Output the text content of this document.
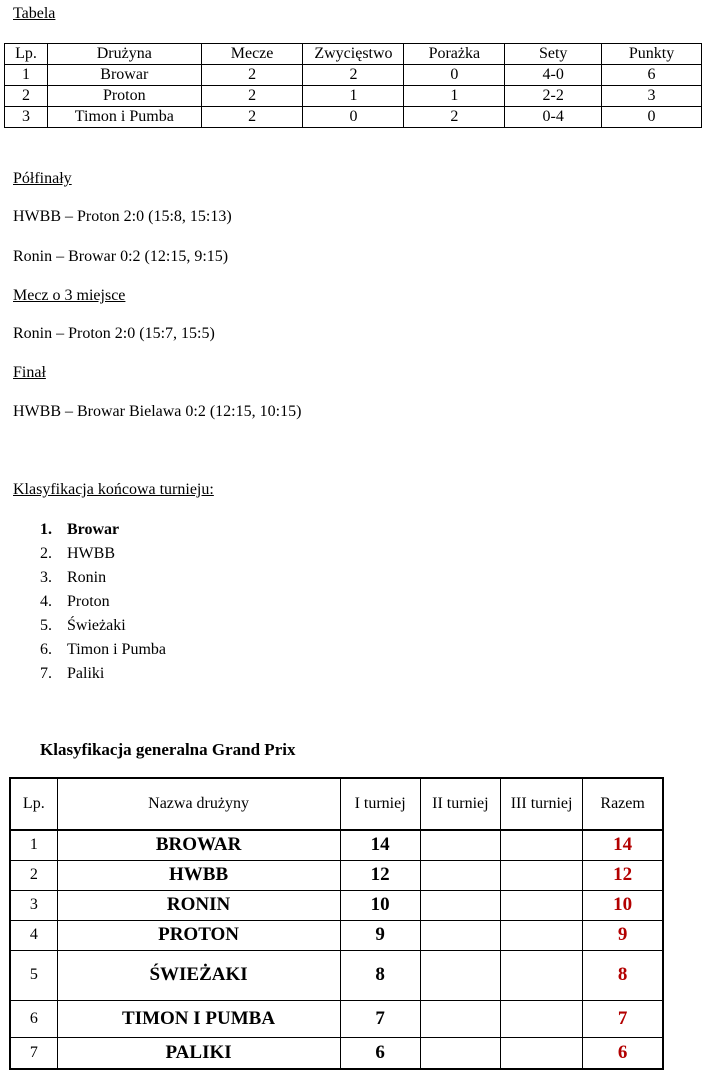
Tabela
Lp.	Drużyna	Mecze	Zwycięstwo	Porażka	Sety	Punkty
1	Browar	2	2	0	4-0	6
2	Proton	2	1	1	2-2	3
3	Timon i Pumba	2	0	2	0-4	0
Półfinały
HWBB – Proton 2:0 (15:8, 15:13)
Ronin – Browar 0:2 (12:15, 9:15)
Mecz o 3 miejsce
Ronin – Proton 2:0 (15:7, 15:5)
Finał
HWBB – Browar Bielawa 0:2 (12:15, 10:15)
Klasyfikacja końcowa turnieju:
1. Browar
2. HWBB
3. Ronin
4. Proton
5. Świeżaki
6. Timon i Pumba
7. Paliki
Klasyfikacja generalna Grand Prix
Lp.	Nazwa drużyny	I turniej	II turniej	III turniej	Razem
1	BROWAR	14			14
2	HWBB	12			12
3	RONIN	10			10
4	PROTON	9			9
5	ŚWIEŻAKI	8			8
6	TIMON I PUMBA	7			7
7	PALIKI	6			6
